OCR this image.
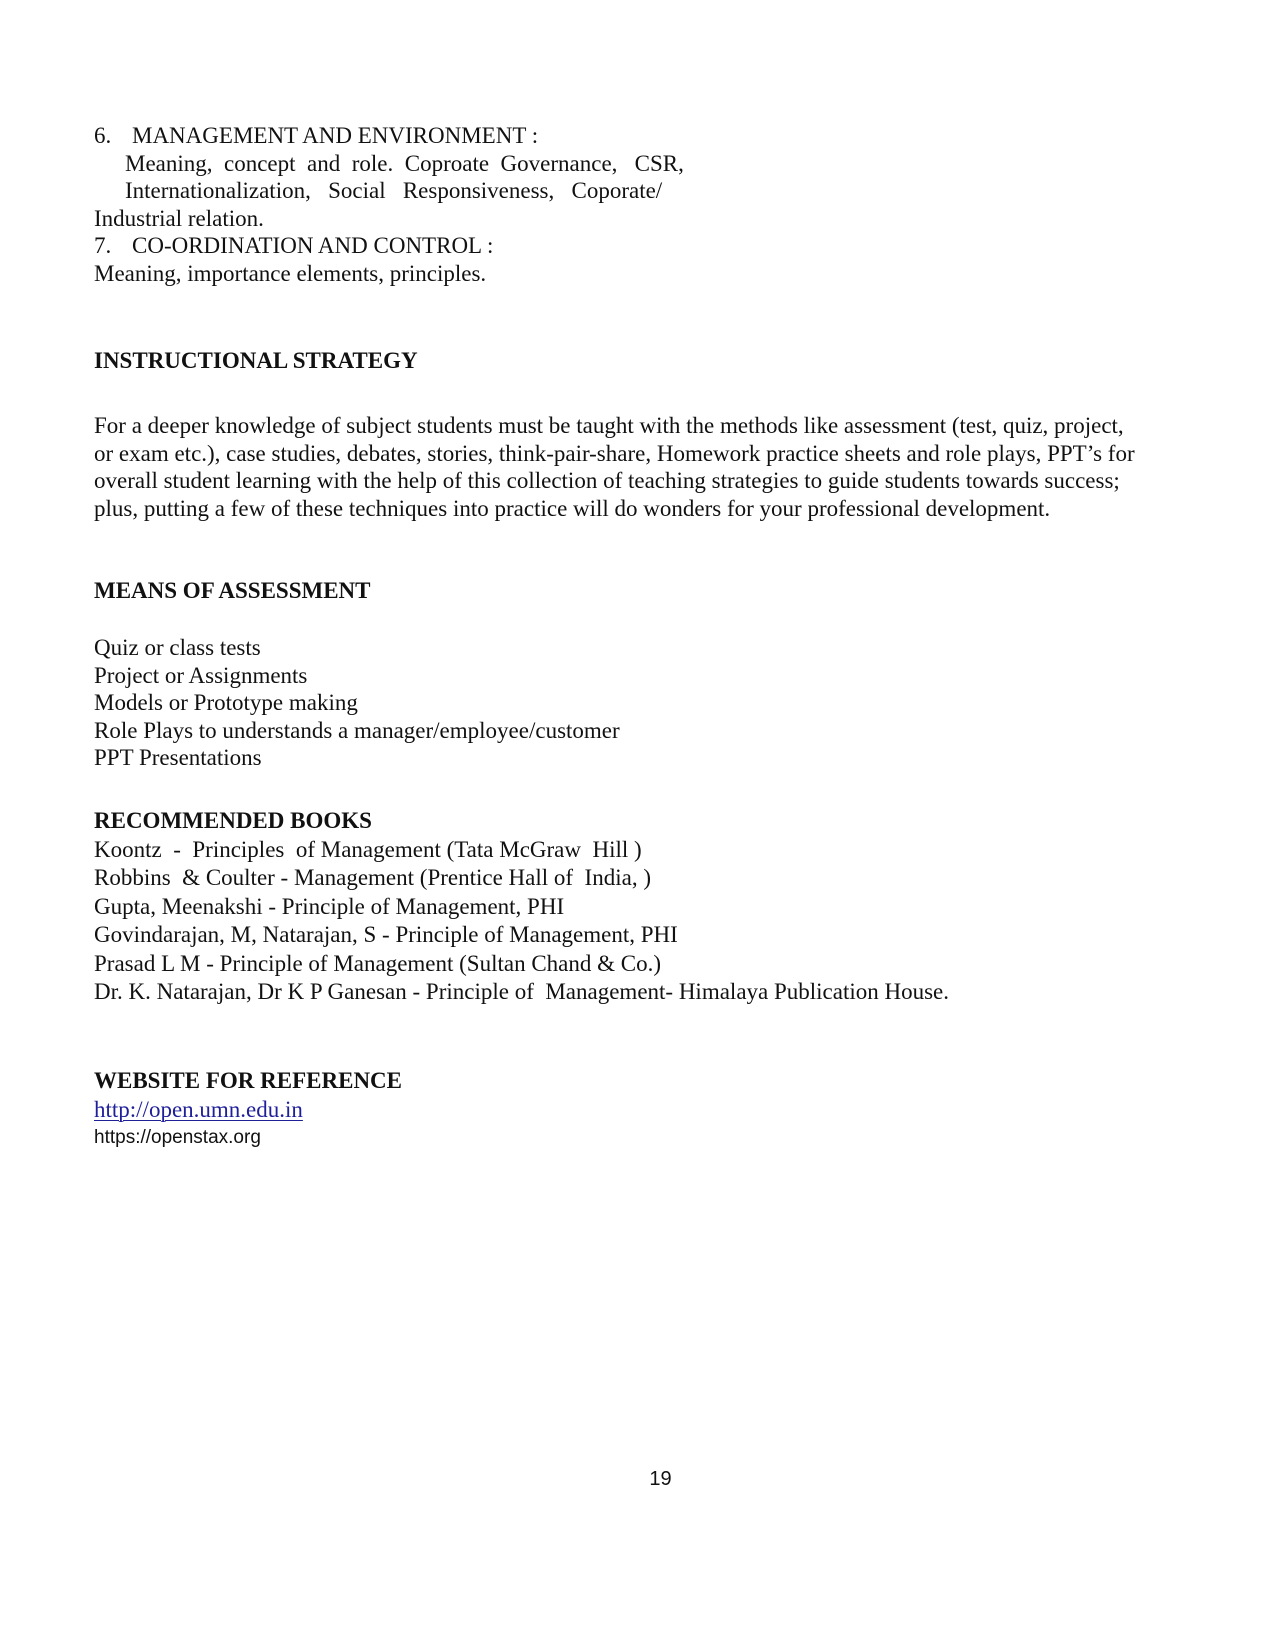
6. MANAGEMENT AND ENVIRONMENT :
Meaning,  concept  and  role.  Coproate  Governance,   CSR,
Internationalization,   Social   Responsiveness,   Coporate/
Industrial relation.
7. CO-ORDINATION AND CONTROL :
Meaning, importance elements, principles.
INSTRUCTIONAL STRATEGY
For a deeper knowledge of subject students must be taught with the methods like assessment (test, quiz, project,
or exam etc.), case studies, debates, stories, think-pair-share, Homework practice sheets and role plays, PPT’s for
overall student learning with the help of this collection of teaching strategies to guide students towards success;
plus, putting a few of these techniques into practice will do wonders for your professional development.
MEANS OF ASSESSMENT
Quiz or class tests
Project or Assignments
Models or Prototype making
Role Plays to understands a manager/employee/customer
PPT Presentations
RECOMMENDED BOOKS
Koontz  -  Principles  of Management (Tata McGraw  Hill )
Robbins  & Coulter - Management (Prentice Hall of  India, )
Gupta, Meenakshi - Principle of Management, PHI
Govindarajan, M, Natarajan, S - Principle of Management, PHI
Prasad L M - Principle of Management (Sultan Chand & Co.)
Dr. K. Natarajan, Dr K P Ganesan - Principle of  Management- Himalaya Publication House.
WEBSITE FOR REFERENCE
http://open.umn.edu.in
https://openstax.org
19
